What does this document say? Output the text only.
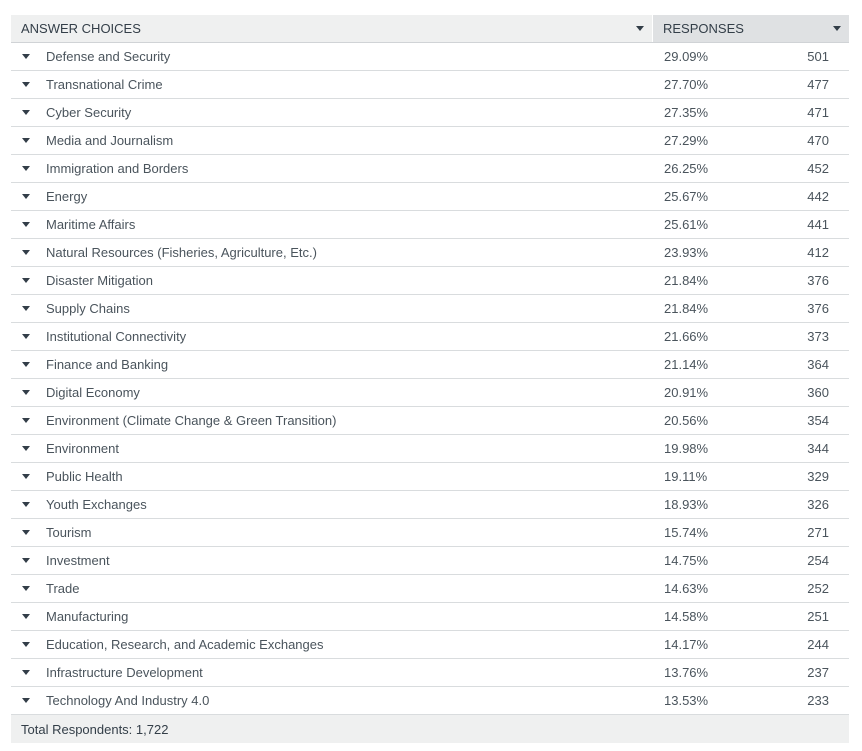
ANSWER CHOICES	RESPONSES
Defense and Security	29.09%	501
Transnational Crime	27.70%	477
Cyber Security	27.35%	471
Media and Journalism	27.29%	470
Immigration and Borders	26.25%	452
Energy	25.67%	442
Maritime Affairs	25.61%	441
Natural Resources (Fisheries, Agriculture, Etc.)	23.93%	412
Disaster Mitigation	21.84%	376
Supply Chains	21.84%	376
Institutional Connectivity	21.66%	373
Finance and Banking	21.14%	364
Digital Economy	20.91%	360
Environment (Climate Change & Green Transition)	20.56%	354
Environment	19.98%	344
Public Health	19.11%	329
Youth Exchanges	18.93%	326
Tourism	15.74%	271
Investment	14.75%	254
Trade	14.63%	252
Manufacturing	14.58%	251
Education, Research, and Academic Exchanges	14.17%	244
Infrastructure Development	13.76%	237
Technology And Industry 4.0	13.53%	233
Total Respondents: 1,722
